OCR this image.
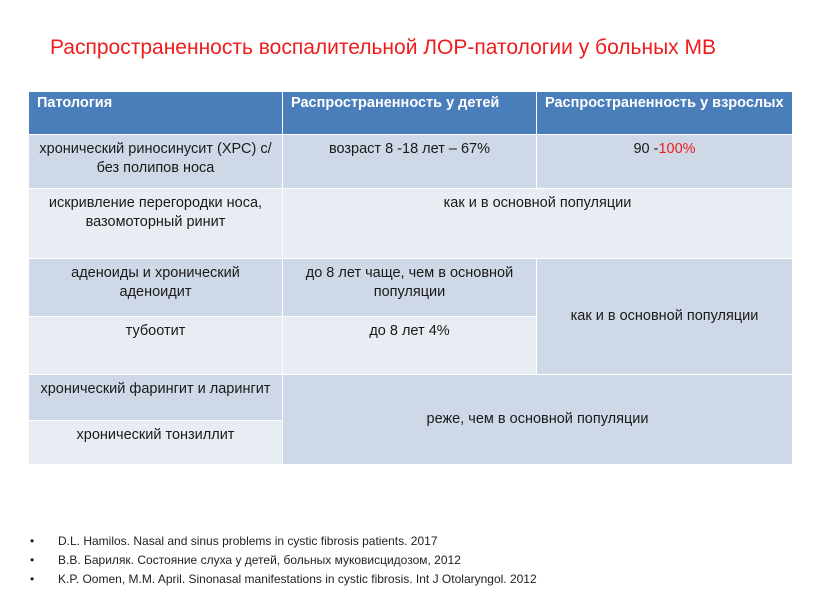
Распространенность воспалительной ЛОР-патологии у больных МВ
Патология	Распространенность у детей	Распространенность у взрослых
хронический риносинусит (ХРС) с/без полипов носа	возраст 8 -18 лет – 67%	90 -100%
искривление перегородки носа, вазомоторный ринит	как и в основной популяции	
аденоиды и хронический аденоидит	до 8 лет чаще, чем в основной популяции	как и в основной популяции
тубоотит	до 8 лет 4%	
хронический фарингит и ларингит	реже, чем в основной популяции	
хронический тонзиллит		
• D.L. Hamilos. Nasal and sinus problems in cystic fibrosis patients. 2017
• В.В. Бариляк. Состояние слуха у детей, больных муковисцидозом, 2012
• K.P. Oomen, M.M. April. Sinonasal manifestations in cystic fibrosis. Int J Otolaryngol. 2012
